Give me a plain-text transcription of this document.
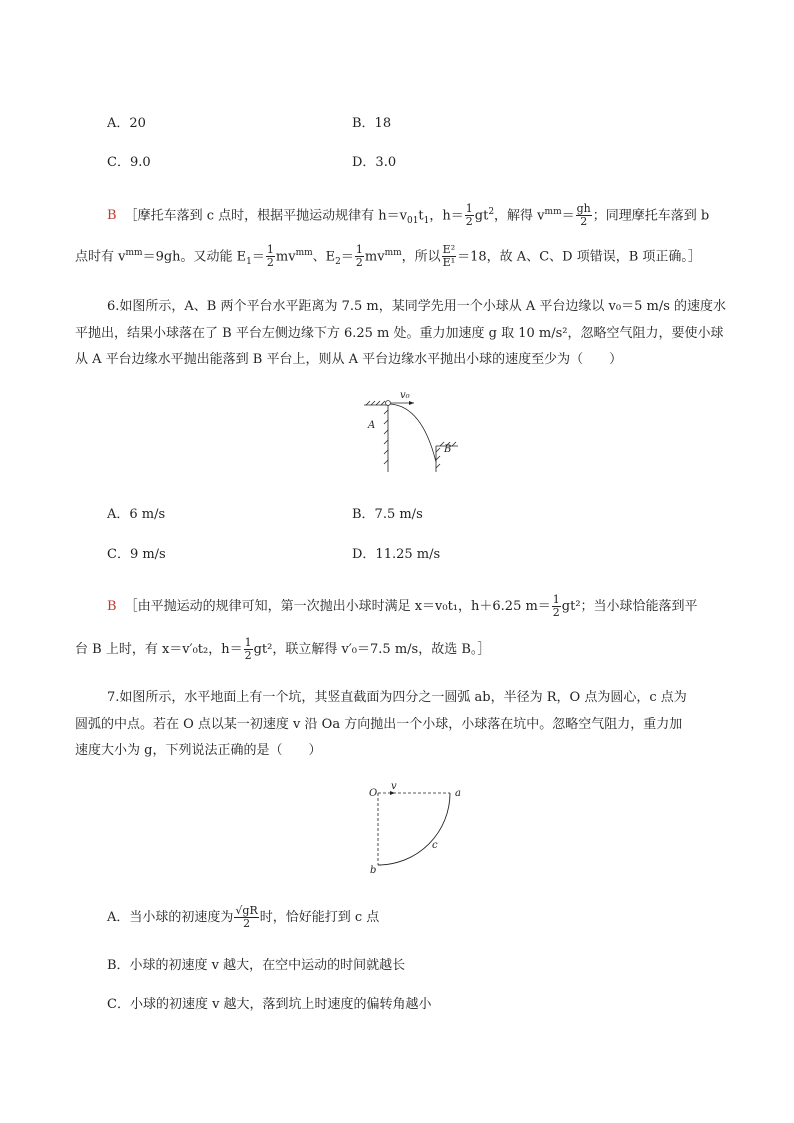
A．20	B．18
C．9.0	D．3.0
B ［摩托车落到 c 点时，根据平抛运动规律有 $h=v_{01}t_1$，$h= \frac{1}{2} gt^2$，解得 $v^{mm}= \frac{gh}{2}$ ；同理摩托车落到 b
点时有 $v^{mm}=9gh$。又动能 $E_1= \frac{1}{2} mv^{mm}$、$E_2= \frac{1}{2} mv^{mm}$，所以 $\frac{\text{E²}}{\text{E¹}} =18$，故 A、C、D 项错误，B 项正确。］
6.如图所示，A、B 两个平台水平距离为 7.5 m，某同学先用一个小球从 A 平台边缘以 v₀＝5 m/s 的速度水
平抛出，结果小球落在了 B 平台左侧边缘下方 6.25 m 处。重力加速度 g 取 10 m/s²，忽略空气阻力，要使小球
从 A 平台边缘水平抛出能落到 B 平台上，则从 A 平台边缘水平抛出小球的速度至少为（　　）
v₀
A
B
A．6 m/s	B．7.5 m/s
C．9 m/s	D．11.25 m/s
B ［由平抛运动的规律可知，第一次抛出小球时满足 x＝v₀t₁，h＋6.25 $m= \frac{1}{2} gt^2$；当小球恰能落到平
台 B 上时，有 x＝v′₀t₂，$h= \frac{1}{2} gt^2$，联立解得 v′₀＝7.5 m/s，故选 B。］
7.如图所示，水平地面上有一个坑，其竖直截面为四分之一圆弧 ab，半径为 R，O 点为圆心，c 点为
圆弧的中点。若在 O 点以某一初速度 v 沿 Oa 方向抛出一个小球，小球落在坑中。忽略空气阻力，重力加
速度大小为 g，下列说法正确的是（　　）
O
v
a
b
c
A．当小球的初速度为 $\frac{√gR}{2}$ 时，恰好能打到 c 点
B．小球的初速度 v 越大，在空中运动的时间就越长
C．小球的初速度 v 越大，落到坑上时速度的偏转角越小
